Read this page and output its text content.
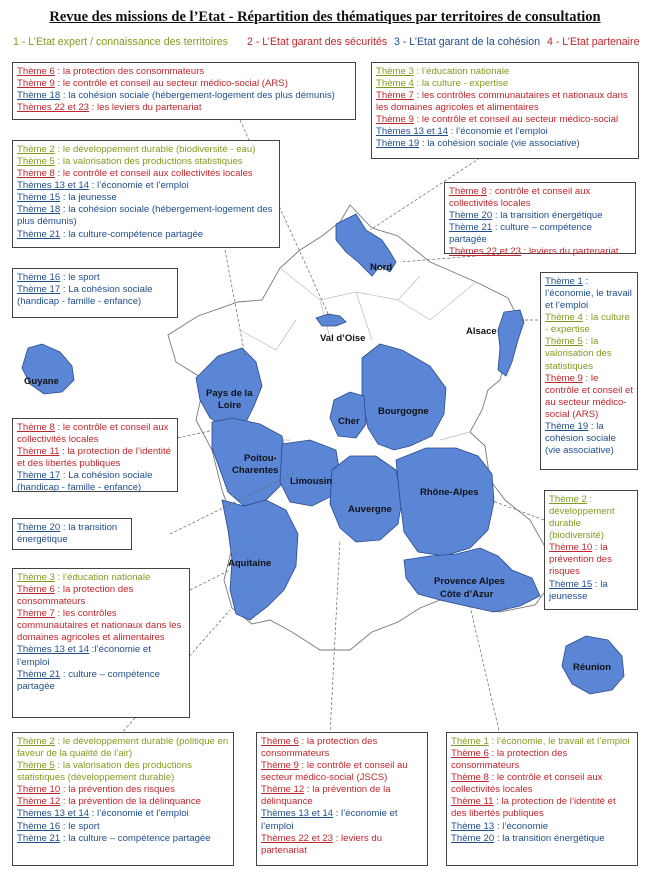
Revue des missions de l’Etat - Répartition des thématiques par territoires de consultation
1 - L’Etat expert / connaissance des territoires 2 - L’Etat garant des sécurités 3 - L’Etat garant de la cohésion 4 - L’Etat partenaire
Nord
Alsace
Val d’Oise
Guyane
Pays de la
Loire
Bourgogne
Cher
Poitou-
Charentes
Limousin
Rhône-Alpes
Auvergne
Aquitaine
Provence Alpes
Côte d’Azur
Réunion
Thème 6 : la protection des consommateurs
Thème 9 : le contrôle et conseil au secteur médico-social (ARS)
Thème 18 : la cohésion sociale (hébergement-logement des plus démunis)
Thèmes 22 et 23 : les leviers du partenariat
Thème 3 : l’éducation nationale
Thème 4 : la culture - expertise
Thème 7 : les contrôles communautaires et nationaux dans les domaines agricoles et alimentaires
Thème 9 : le contrôle et conseil au secteur médico-social
Thèmes 13 et 14 : l’économie et l’emploi
Thème 19 : la cohésion sociale (vie associative)
Thème 2 : le développement durable (biodiversité - eau)
Thème 5 : la valorisation des productions statistiques
Thème 8 : le contrôle et conseil aux collectivités locales
Thèmes 13 et 14 : l’économie et l’emploi
Thème 15 : la jeunesse
Thème 18 : la cohésion sociale (hébergement-logement des plus démunis)
Thème 21 : la culture-compétence partagée
Thème 8 : contrôle et conseil aux collectivités locales
Thème 20 : la transition énergétique
Thème 21 : culture – compétence partagée
Thèmes 22 et 23 : leviers du partenariat
Thème 16 : le sport
Thème 17 : La cohésion sociale (handicap - famille - enfance)
Thème 1 : l’économie, le travail et l’emploi
Thème 4 : la culture - expertise
Thème 5 : la valorisation des statistiques
Thème 9 : le contrôle et conseil et au secteur médico-social (ARS)
Thème 19 : la cohésion sociale (vie associative)
Thème 8 : le contrôle et conseil aux collectivités locales
Thème 11 : la protection de l’identité et des libertés publiques
Thème 17 : La cohésion sociale (handicap - famille - enfance)
Thème 2 : développement durable (biodiversité)
Thème 10 : la prévention des risques
Thème 15 : la jeunesse
Thème 20 : la transition énergétique
Thème 3 : l’éducation nationale
Thème 6 : la protection des consommateurs
Thème 7 : les contrôles communautaires et nationaux dans les domaines agricoles et alimentaires
Thèmes 13 et 14 :l’économie et l’emploi
Thème 21 : culture – compétence partagée
Thème 2 : le développement durable (politique en faveur de la qualité de l’air)
Thème 5 : la valorisation des productions statistiques (développement durable)
Thème 10 : la prévention des risques
Thème 12 : la prévention de la délinquance
Thèmes 13 et 14 : l’économie et l’emploi
Thème 16 : le sport
Thème 21 : la culture – compétence partagée
Thème 6 : la protection des consommateurs
Thème 9 : le contrôle et conseil au secteur médico-social (JSCS)
Thème 12 : la prévention de la délinquance
Thèmes 13 et 14 : l’économie et l’emploi
Thèmes 22 et 23 : leviers du partenariat
Thème 1 : l’économie, le travail et l’emploi
Thème 6 : la protection des consommateurs
Thème 8 : le contrôle et conseil aux collectivités locales
Thème 11 : la protection de l’identité et des libertés publiques
Thème 13 : l’économie
Thème 20 : la transition énergétique
